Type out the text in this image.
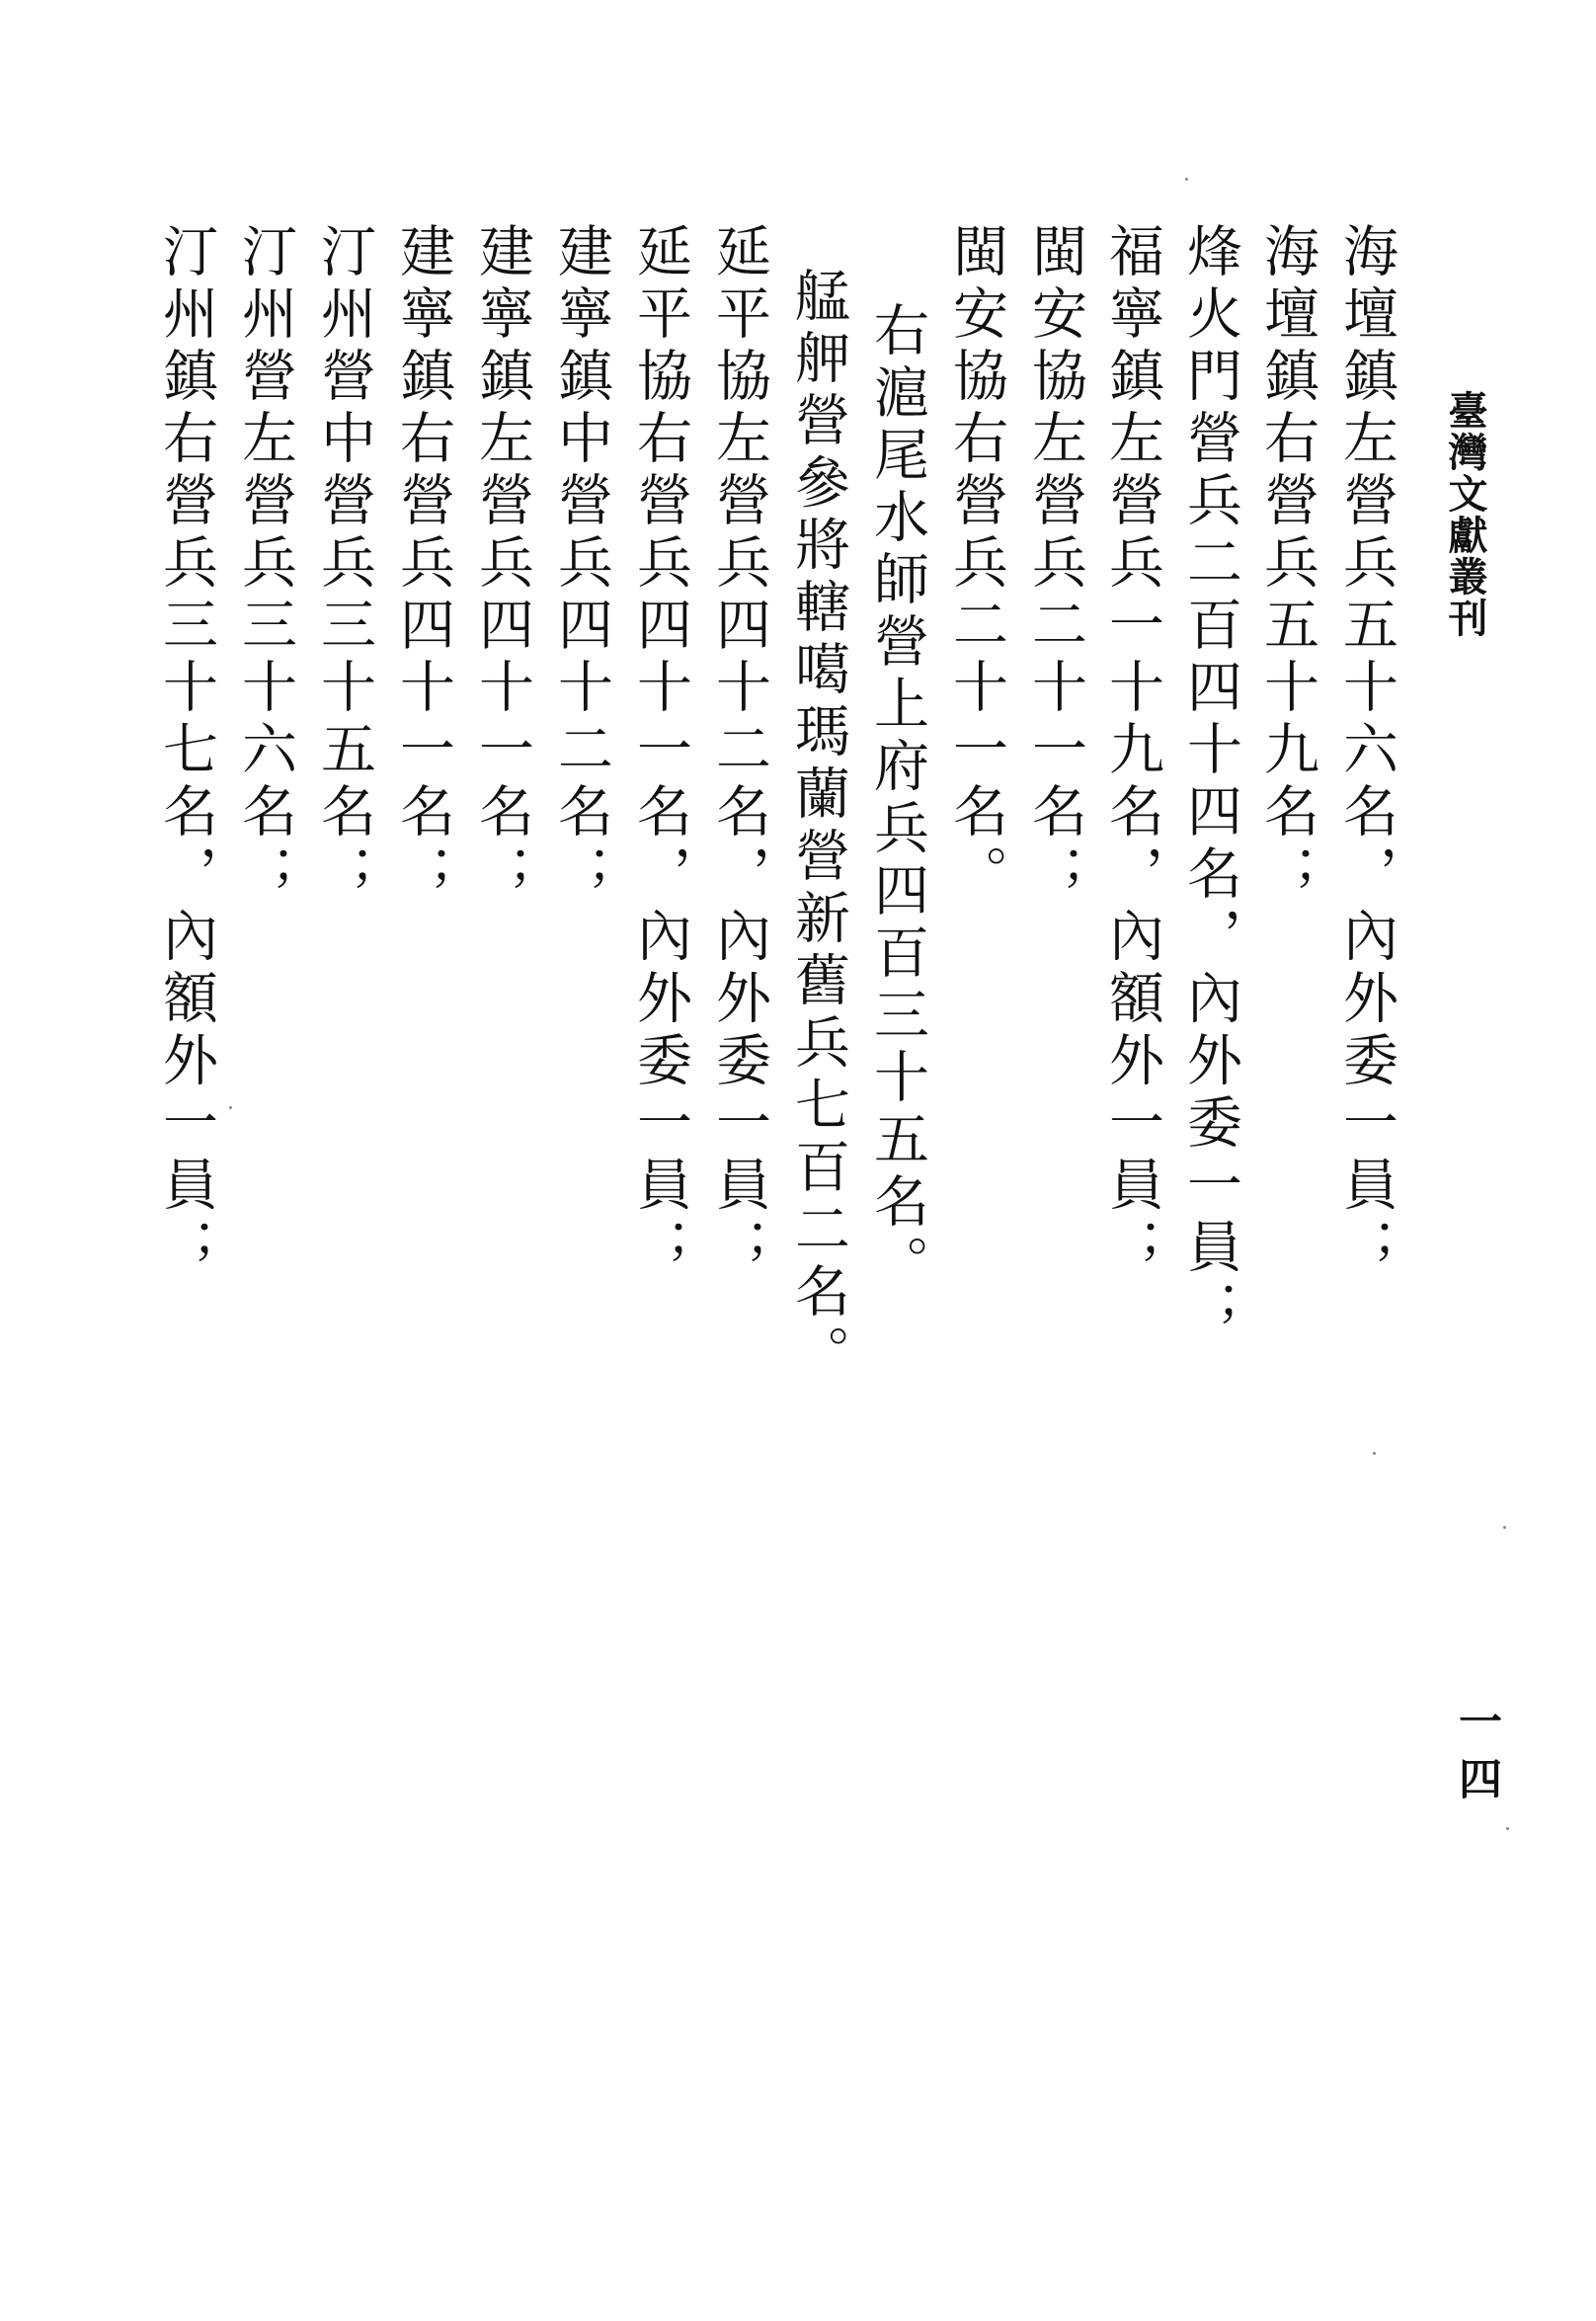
臺灣文獻叢刊
海壇鎮左營兵五十六名，內外委一員；
海壇鎮右營兵五十九名；
烽火門營兵二百四十四名，內外委一員；
福寧鎮左營兵一十九名，內額外一員；
閩安協左營兵二十一名；
閩安協右營兵二十一名。
右滬尾水師營上府兵四百三十五名。
艋舺營參將轄噶瑪蘭營新舊兵七百二名。
延平協左營兵四十二名，內外委一員；
延平協右營兵四十一名，內外委一員；
建寧鎮中營兵四十二名；
建寧鎮左營兵四十一名；
建寧鎮右營兵四十一名；
汀州營中營兵三十五名；
汀州營左營兵三十六名；
汀州鎮右營兵三十七名，內額外一員；
一四
